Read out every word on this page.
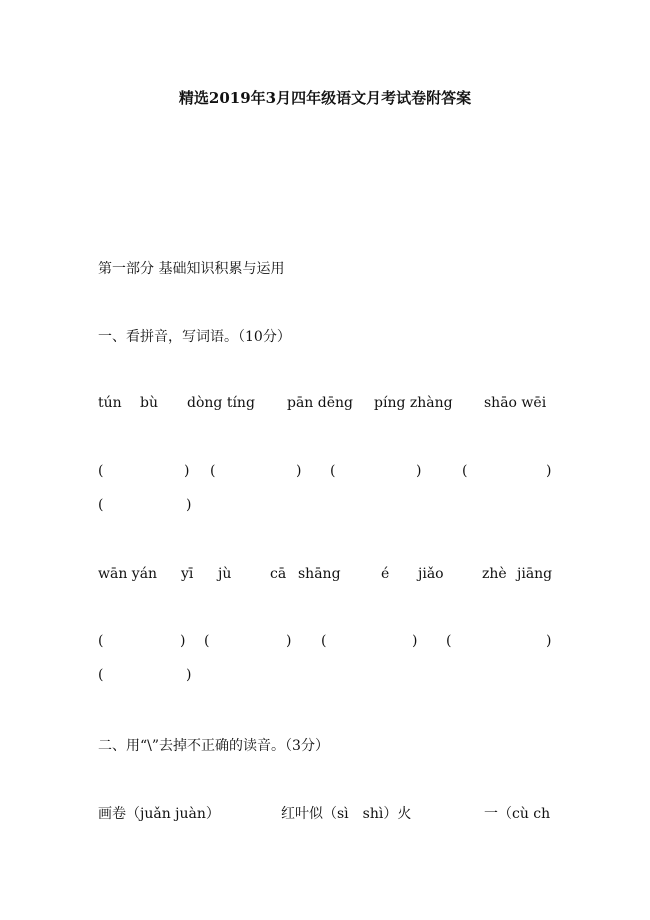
精选2019年3月四年级语文月考试卷附答案
第一部分 基础知识积累与运用
一、看拼音，写词语。（10分）
tún bù dòng tíng pān dēng píng zhàng shāo wēi
(	) (	) (	)	(	)
(	)
wān yán yī jù	cā shāng	é jiǎo	zhè jiāng
(	) (	) (	) (	)
(	)
二、用“\”去掉不正确的读音。（3分）
画卷（juǎn juàn）	红叶似（sì　shì）火	一（cù ch
